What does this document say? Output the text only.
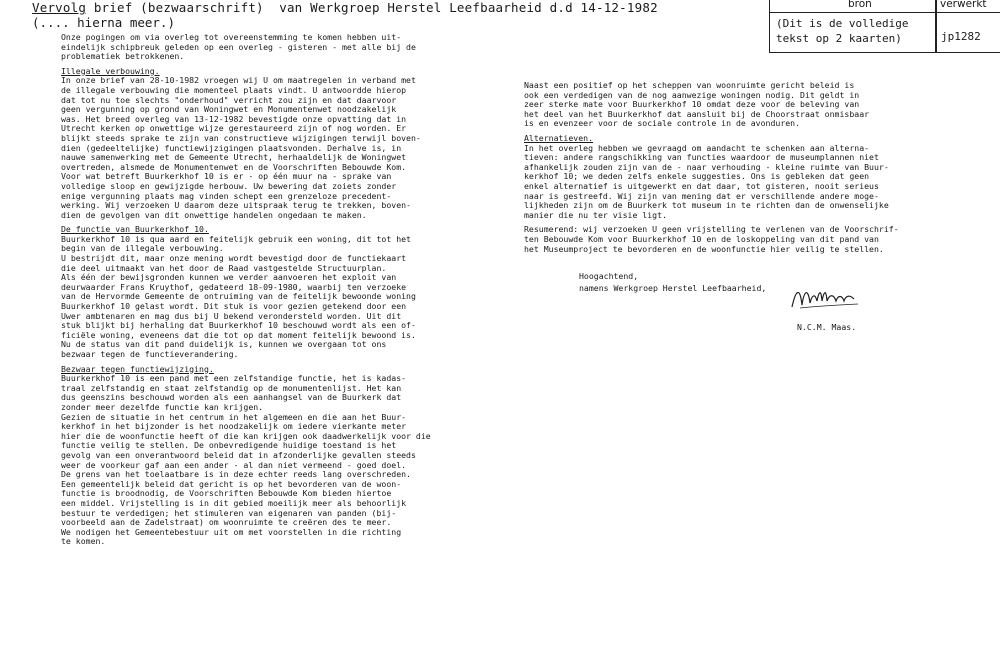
Vervolg brief (bezwaarschrift)  van Werkgroep Herstel Leefbaarheid d.d 14-12-1982
(.... hierna meer.)
bron	verwerkt
(Dit is de volledige
tekst op 2 kaarten)	jp1282
Onze pogingen om via overleg tot overeenstemming te komen hebben uit-
eindelijk schipbreuk geleden op een overleg - gisteren - met alle bij de
problematiek betrokkenen.
Illegale verbouwing.
In onze brief van 28-10-1982 vroegen wij U om maatregelen in verband met
de illegale verbouwing die momenteel plaats vindt. U antwoordde hierop
dat tot nu toe slechts "onderhoud" verricht zou zijn en dat daarvoor
geen vergunning op grond van Woningwet en Monumentenwet noodzakelijk
was. Het breed overleg van 13-12-1982 bevestigde onze opvatting dat in
Utrecht kerken op onwettige wijze gerestaureerd zijn of nog worden. Er
blijkt steeds sprake te zijn van constructieve wijzigingen terwijl boven-
dien (gedeeltelijke) functiewijzigingen plaatsvonden. Derhalve is, in
nauwe samenwerking met de Gemeente Utrecht, herhaaldelijk de Woningwet
overtreden, alsmede de Monumentenwet en de Voorschriften Bebouwde Kom.
Voor wat betreft Buurkerkhof 10 is er - op één muur na - sprake van
volledige sloop en gewijzigde herbouw. Uw bewering dat zoiets zonder
enige vergunning plaats mag vinden schept een grenzeloze precedent-
werking. Wij verzoeken U daarom deze uitspraak terug te trekken, boven-
dien de gevolgen van dit onwettige handelen ongedaan te maken.
De functie van Buurkerkhof 10.
Buurkerkhof 10 is qua aard en feitelijk gebruik een woning, dit tot het
begin van de illegale verbouwing.
U bestrijdt dit, maar onze mening wordt bevestigd door de functiekaart
die deel uitmaakt van het door de Raad vastgestelde Structuurplan.
Als één der bewijsgronden kunnen we verder aanvoeren het exploit van
deurwaarder Frans Kruythof, gedateerd 18-09-1980, waarbij ten verzoeke
van de Hervormde Gemeente de ontruiming van de feitelijk bewoonde woning
Buurkerkhof 10 gelast wordt. Dit stuk is voor gezien getekend door een
Uwer ambtenaren en mag dus bij U bekend verondersteld worden. Uit dit
stuk blijkt bij herhaling dat Buurkerkhof 10 beschouwd wordt als een of-
ficiële woning, eveneens dat die tot op dat moment feitelijk bewoond is.
Nu de status van dit pand duidelijk is, kunnen we overgaan tot ons
bezwaar tegen de functieverandering.
Bezwaar tegen functiewijziging.
Buurkerkhof 10 is een pand met een zelfstandige functie, het is kadas-
traal zelfstandig en staat zelfstandig op de monumentenlijst. Het kan
dus geenszins beschouwd worden als een aanhangsel van de Buurkerk dat
zonder meer dezelfde functie kan krijgen.
Gezien de situatie in het centrum in het algemeen en die aan het Buur-
kerkhof in het bijzonder is het noodzakelijk om iedere vierkante meter
hier die de woonfunctie heeft of die kan krijgen ook daadwerkelijk voor die
functie veilig te stellen. De onbevredigende huidige toestand is het
gevolg van een onverantwoord beleid dat in afzonderlijke gevallen steeds
weer de voorkeur gaf aan een ander - al dan niet vermeend - goed doel.
De grens van het toelaatbare is in deze echter reeds lang overschreden.
Een gemeentelijk beleid dat gericht is op het bevorderen van de woon-
functie is broodnodig, de Voorschriften Bebouwde Kom bieden hiertoe
een middel. Vrijstelling is in dit gebied moeilijk meer als behoorlijk
bestuur te verdedigen; het stimuleren van eigenaren van panden (bij-
voorbeeld aan de Zadelstraat) om woonruimte te creëren des te meer.
We nodigen het Gemeentebestuur uit om met voorstellen in die richting
te komen.
Naast een positief op het scheppen van woonruimte gericht beleid is
ook een verdedigen van de nog aanwezige woningen nodig. Dit geldt in
zeer sterke mate voor Buurkerkhof 10 omdat deze voor de beleving van
het deel van het Buurkerkhof dat aansluit bij de Choorstraat onmisbaar
is en evenzeer voor de sociale controle in de avonduren.
Alternatieven.
In het overleg hebben we gevraagd om aandacht te schenken aan alterna-
tieven: andere rangschikking van functies waardoor de museumplannen niet
afhankelijk zouden zijn van de - naar verhouding - kleine ruimte van Buur-
kerkhof 10; we deden zelfs enkele suggesties. Ons is gebleken dat geen
enkel alternatief is uitgewerkt en dat daar, tot gisteren, nooit serieus
naar is gestreefd. Wij zijn van mening dat er verschillende andere moge-
lijkheden zijn om de Buurkerk tot museum in te richten dan de onwenselijke
manier die nu ter visie ligt.
Resumerend: wij verzoeken U geen vrijstelling te verlenen van de Voorschrif-
ten Bebouwde Kom voor Buurkerkhof 10 en de loskoppeling van dit pand van
het Museumproject te bevorderen en de woonfunctie hier veilig te stellen.
Hoogachtend,
namens Werkgroep Herstel Leefbaarheid,
N.C.M. Maas.
